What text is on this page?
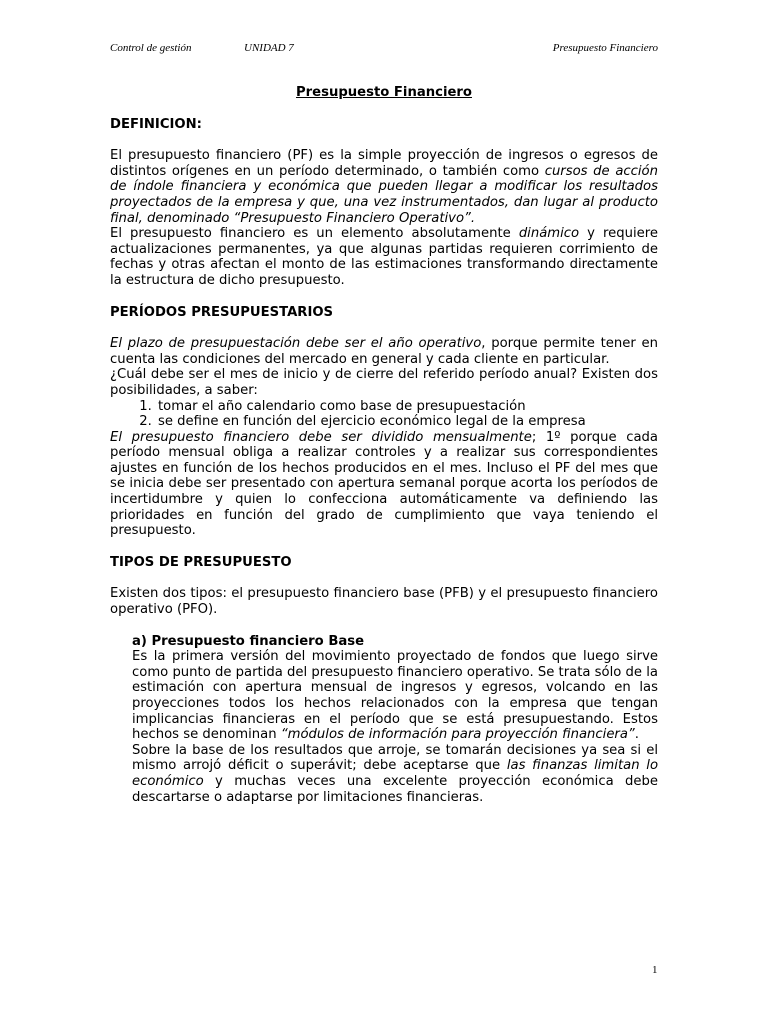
Control de gestión	UNIDAD 7	Presupuesto Financiero
Presupuesto Financiero
DEFINICION:

El presupuesto financiero (PF) es la simple proyección de ingresos o egresos de distintos orígenes en un período determinado, o también como cursos de acción de índole financiera y económica que pueden llegar a modificar los resultados proyectados de la empresa y que, una vez instrumentados, dan lugar al producto final, denominado “Presupuesto Financiero Operativo”.

El presupuesto financiero es un elemento absolutamente dinámico y requiere actualizaciones permanentes, ya que algunas partidas requieren corrimiento de fechas y otras afectan el monto de las estimaciones transformando directamente la estructura de dicho presupuesto.

PERÍODOS PRESUPUESTARIOS

El plazo de presupuestación debe ser el año operativo, porque permite tener en cuenta las condiciones del mercado en general y cada cliente en particular.

¿Cuál debe ser el mes de inicio y de cierre del referido período anual? Existen dos posibilidades, a saber:

1. tomar el año calendario como base de presupuestación
2. se define en función del ejercicio económico legal de la empresa

El presupuesto financiero debe ser dividido mensualmente; 1º porque cada período mensual obliga a realizar controles y a realizar sus correspondientes ajustes en función de los hechos producidos en el mes. Incluso el PF del mes que se inicia debe ser presentado con apertura semanal porque acorta los períodos de incertidumbre y quien lo confecciona automáticamente va definiendo las prioridades en función del grado de cumplimiento que vaya teniendo el presupuesto.

TIPOS DE PRESUPUESTO

Existen dos tipos: el presupuesto financiero base (PFB) y el presupuesto financiero operativo (PFO).

a) Presupuesto financiero Base

Es la primera versión del movimiento proyectado de fondos que luego sirve como punto de partida del presupuesto financiero operativo. Se trata sólo de la estimación con apertura mensual de ingresos y egresos, volcando en las proyecciones todos los hechos relacionados con la empresa que tengan implicancias financieras en el período que se está presupuestando. Estos hechos se denominan “módulos de información para proyección financiera”.

Sobre la base de los resultados que arroje, se tomarán decisiones ya sea si el mismo arrojó déficit o superávit; debe aceptarse que las finanzas limitan lo económico y muchas veces una excelente proyección económica debe descartarse o adaptarse por limitaciones financieras.

1
